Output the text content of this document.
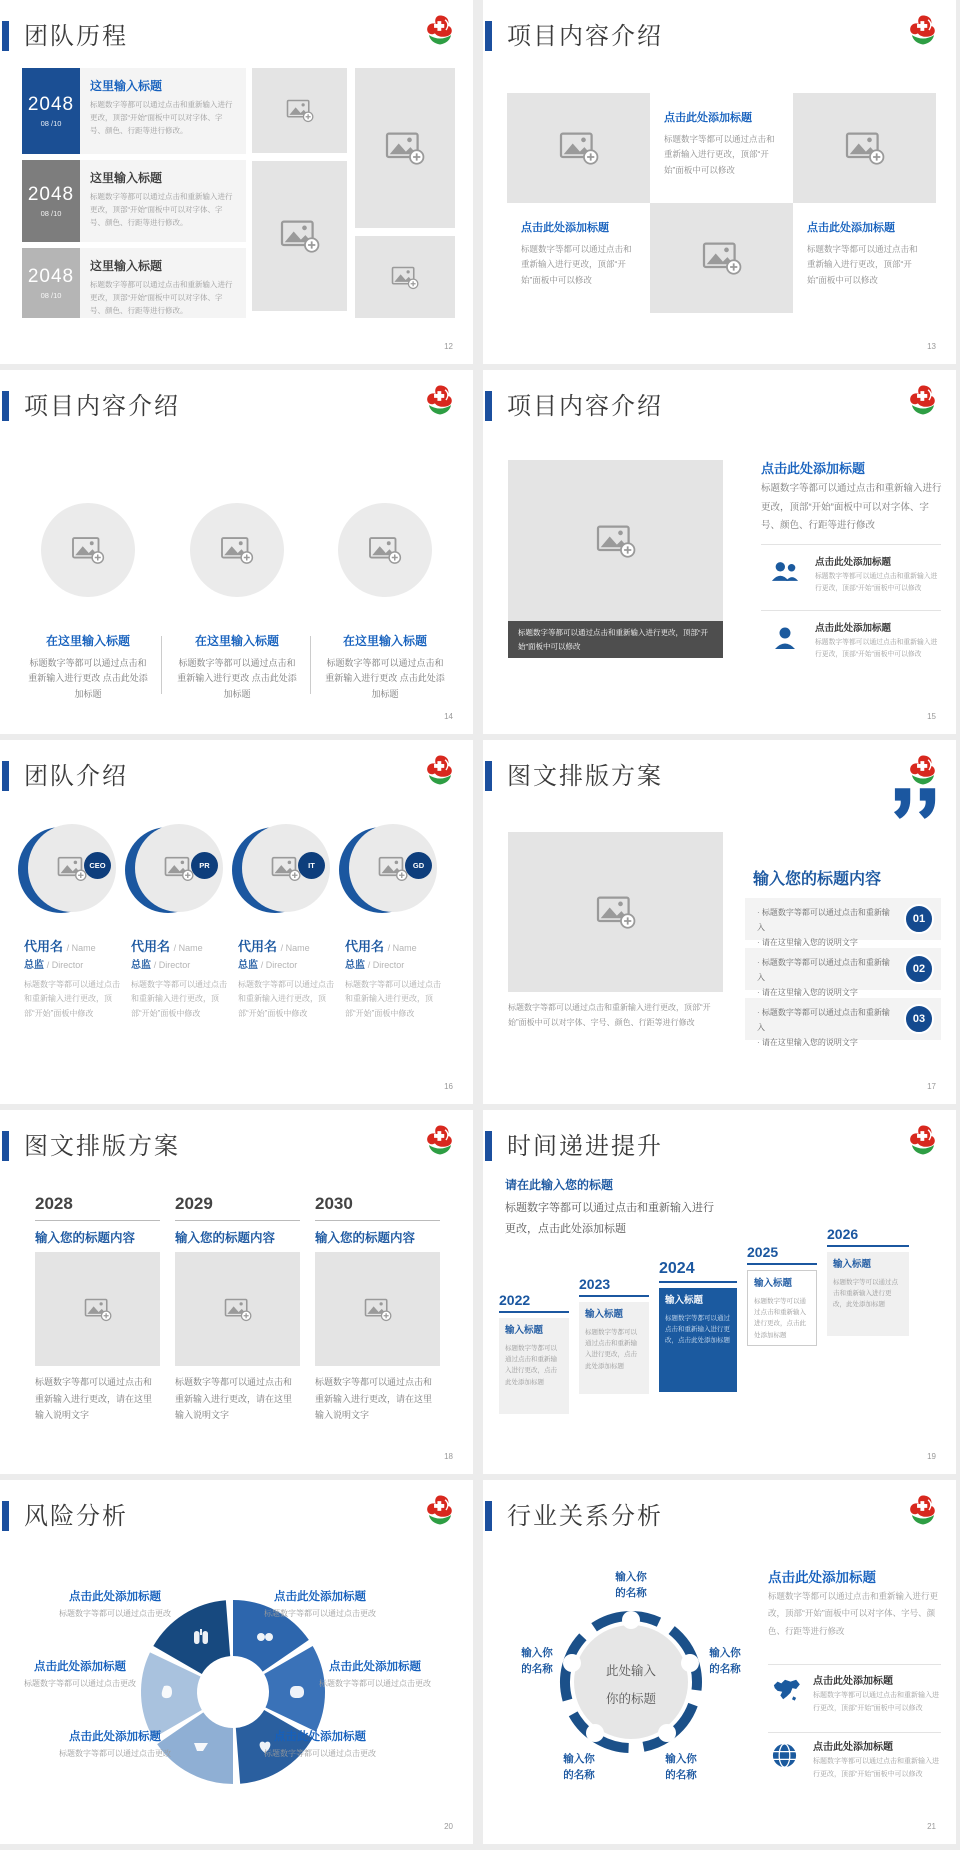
团队历程
2048
08 /10
这里输入标题
标题数字等都可以通过点击和重新输入进行更改，顶部“开始”面板中可以对字体、字号、颜色、行距等进行修改。
2048
08 /10
这里输入标题
标题数字等都可以通过点击和重新输入进行更改，顶部“开始”面板中可以对字体、字号、颜色、行距等进行修改。
2048
08 /10
这里输入标题
标题数字等都可以通过点击和重新输入进行更改，顶部“开始”面板中可以对字体、字号、颜色、行距等进行修改。
12
项目内容介绍
点击此处添加标题
标题数字等都可以通过点击和重新输入进行更改，顶部“开始”面板中可以修改
点击此处添加标题
标题数字等都可以通过点击和重新输入进行更改，顶部“开始”面板中可以修改
点击此处添加标题
标题数字等都可以通过点击和重新输入进行更改，顶部“开始”面板中可以修改
13
项目内容介绍
在这里输入标题
标题数字等都可以通过点击和重新输入进行更改 点击此处添加标题
在这里输入标题
标题数字等都可以通过点击和重新输入进行更改 点击此处添加标题
在这里输入标题
标题数字等都可以通过点击和重新输入进行更改 点击此处添加标题
14
项目内容介绍
标题数字等都可以通过点击和重新输入进行更改，顶部“开始”面板中可以修改
点击此处添加标题
标题数字等都可以通过点击和重新输入进行更改，顶部“开始”面板中可以对字体、字号、颜色、行距等进行修改
点击此处添加标题
标题数字等都可以通过点击和重新输入进行更改，顶部“开始”面板中可以修改
点击此处添加标题
标题数字等都可以通过点击和重新输入进行更改，顶部“开始”面板中可以修改
15
团队介绍
CEO
代用名 / Name
总监 / Director
标题数字等都可以通过点击和重新输入进行更改，顶部“开始”面板中修改
PR
代用名 / Name
总监 / Director
标题数字等都可以通过点击和重新输入进行更改，顶部“开始”面板中修改
IT
代用名 / Name
总监 / Director
标题数字等都可以通过点击和重新输入进行更改，顶部“开始”面板中修改
GD
代用名 / Name
总监 / Director
标题数字等都可以通过点击和重新输入进行更改，顶部“开始”面板中修改
16
图文排版方案
标题数字等都可以通过点击和重新输入进行更改，顶部“开始”面板中可以对字体、字号、颜色、行距等进行修改
输入您的标题内容
· 标题数字等都可以通过点击和重新输入
· 请在这里输入您的说明文字
01
· 标题数字等都可以通过点击和重新输入
· 请在这里输入您的说明文字
02
· 标题数字等都可以通过点击和重新输入
· 请在这里输入您的说明文字
03
17
图文排版方案
2028
输入您的标题内容
标题数字等都可以通过点击和重新输入进行更改，请在这里输入说明文字
2029
输入您的标题内容
标题数字等都可以通过点击和重新输入进行更改，请在这里输入说明文字
2030
输入您的标题内容
标题数字等都可以通过点击和重新输入进行更改，请在这里输入说明文字
18
时间递进提升
请在此输入您的标题
标题数字等都可以通过点击和重新输入进行更改，点击此处添加标题
2022
输入标题
标题数字等都可以通过点击和重新输入进行更改，点击此处添加标题
2023
输入标题
标题数字等都可以通过点击和重新输入进行更改，点击此处添加标题
2024
输入标题
标题数字等都可以通过点击和重新输入进行更改，点击此处添加标题
2025
输入标题
标题数字等可以通过点击和重新输入进行更改，点击此处添加标题
2026
输入标题
标题数字等可以通过点击和重新输入进行更改，此处添加标题
19
风险分析
点击此处添加标题
标题数字等都可以通过点击更改
点击此处添加标题
标题数字等都可以通过点击更改
点击此处添加标题
标题数字等都可以通过点击更改
点击此处添加标题
标题数字等都可以通过点击更改
点击此处添加标题
标题数字等都可以通过点击更改
点击此处添加标题
标题数字等都可以通过点击更改
20
行业关系分析
此处输入
你的标题
输入你
的名称
输入你
的名称
输入你
的名称
输入你
的名称
输入你
的名称
点击此处添加标题
标题数字等都可以通过点击和重新输入进行更改，顶部“开始”面板中可以对字体、字号、颜色、行距等进行修改
点击此处添加标题
标题数字等都可以通过点击和重新输入进行更改，顶部“开始”面板中可以修改
点击此处添加标题
标题数字等都可以通过点击和重新输入进行更改，顶部“开始”面板中可以修改
21
